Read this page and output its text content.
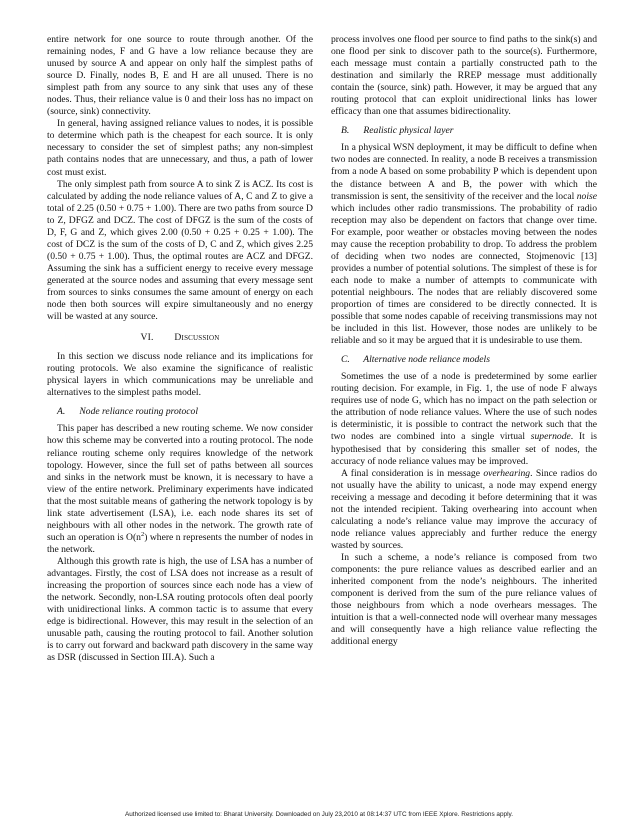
entire network for one source to route through another. Of the remaining nodes, F and G have a low reliance because they are unused by source A and appear on only half the simplest paths of source D. Finally, nodes B, E and H are all unused. There is no simplest path from any source to any sink that uses any of these nodes. Thus, their reliance value is 0 and their loss has no impact on (source, sink) connectivity.

In general, having assigned reliance values to nodes, it is possible to determine which path is the cheapest for each source. It is only necessary to consider the set of simplest paths; any non-simplest path contains nodes that are unnecessary, and thus, a path of lower cost must exist.

The only simplest path from source A to sink Z is ACZ. Its cost is calculated by adding the node reliance values of A, C and Z to give a total of 2.25 (0.50 + 0.75 + 1.00). There are two paths from source D to Z, DFGZ and DCZ. The cost of DFGZ is the sum of the costs of D, F, G and Z, which gives 2.00 (0.50 + 0.25 + 0.25 + 1.00). The cost of DCZ is the sum of the costs of D, C and Z, which gives 2.25 (0.50 + 0.75 + 1.00). Thus, the optimal routes are ACZ and DFGZ. Assuming the sink has a sufficient energy to receive every message generated at the source nodes and assuming that every message sent from sources to sinks consumes the same amount of energy on each node then both sources will expire simultaneously and no energy will be wasted at any source.

VI. Discussion

In this section we discuss node reliance and its implications for routing protocols. We also examine the significance of realistic physical layers in which communications may be unreliable and alternatives to the simplest paths model.

A. Node reliance routing protocol

This paper has described a new routing scheme. We now consider how this scheme may be converted into a routing protocol. The node reliance routing scheme only requires knowledge of the network topology. However, since the full set of paths between all sources and sinks in the network must be known, it is necessary to have a view of the entire network. Preliminary experiments have indicated that the most suitable means of gathering the network topology is by link state advertisement (LSA), i.e. each node shares its set of neighbours with all other nodes in the network. The growth rate of such an operation is $O(n^2)$ where n represents the number of nodes in the network.

Although this growth rate is high, the use of LSA has a number of advantages. Firstly, the cost of LSA does not increase as a result of increasing the proportion of sources since each node has a view of the network. Secondly, non-LSA routing protocols often deal poorly with unidirectional links. A common tactic is to assume that every edge is bidirectional. However, this may result in the selection of an unusable path, causing the routing protocol to fail. Another solution is to carry out forward and backward path discovery in the same way as DSR (discussed in Section III.A). Such a

process involves one flood per source to find paths to the sink(s) and one flood per sink to discover path to the source(s). Furthermore, each message must contain a partially constructed path to the destination and similarly the RREP message must additionally contain the (source, sink) path. However, it may be argued that any routing protocol that can exploit unidirectional links has lower efficacy than one that assumes bidirectionality.

B. Realistic physical layer

In a physical WSN deployment, it may be difficult to define when two nodes are connected. In reality, a node B receives a transmission from a node A based on some probability P which is dependent upon the distance between A and B, the power with which the transmission is sent, the sensitivity of the receiver and the local noise which includes other radio transmissions. The probability of radio reception may also be dependent on factors that change over time. For example, poor weather or obstacles moving between the nodes may cause the reception probability to drop. To address the problem of deciding when two nodes are connected, Stojmenovic [13] provides a number of potential solutions. The simplest of these is for each node to make a number of attempts to communicate with potential neighbours. The nodes that are reliably discovered some proportion of times are considered to be directly connected. It is possible that some nodes capable of receiving transmissions may not be included in this list. However, those nodes are unlikely to be reliable and so it may be argued that it is undesirable to use them.

C. Alternative node reliance models

Sometimes the use of a node is predetermined by some earlier routing decision. For example, in Fig. 1, the use of node F always requires use of node G, which has no impact on the path selection or the attribution of node reliance values. Where the use of such nodes is deterministic, it is possible to contract the network such that the two nodes are combined into a single virtual supernode. It is hypothesised that by considering this smaller set of nodes, the accuracy of node reliance values may be improved.

A final consideration is in message overhearing. Since radios do not usually have the ability to unicast, a node may expend energy receiving a message and decoding it before determining that it was not the intended recipient. Taking overhearing into account when calculating a node’s reliance value may improve the accuracy of node reliance values appreciably and further reduce the energy wasted by sources.

In such a scheme, a node’s reliance is composed from two components: the pure reliance values as described earlier and an inherited component from the node’s neighbours. The inherited component is derived from the sum of the pure reliance values of those neighbours from which a node overhears messages. The intuition is that a well-connected node will overhear many messages and will consequently have a high reliance value reflecting the additional energy

Authorized licensed use limited to: Bharat University. Downloaded on July 23,2010 at 08:14:37 UTC from IEEE Xplore. Restrictions apply.
